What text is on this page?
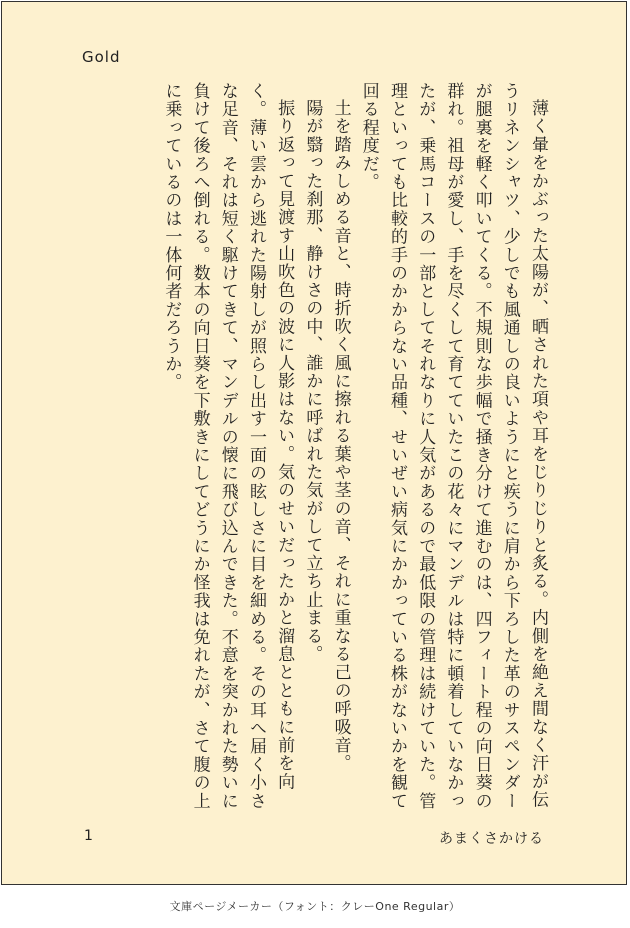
Gold

薄く暈をかぶった太陽が、晒された項や耳をじりじりと炙る。内側を絶え間なく汗が伝うリネンシャツ、少しでも風通しの良いようにと疾うに肩から下ろした革のサスペンダーが腿裏を軽く叩いてくる。不規則な歩幅で掻き分けて進むのは、四フィート程の向日葵の群れ。祖母が愛し、手を尽くして育てていたこの花々にマンデルは特に頓着していなかったが、乗馬コースの一部としてそれなりに人気があるので最低限の管理は続けていた。管理といっても比較的手のかからない品種、せいぜい病気にかかっている株がないかを観て回る程度だ。

土を踏みしめる音と、時折吹く風に擦れる葉や茎の音、それに重なる己の呼吸音。

陽が翳った刹那、静けさの中、誰かに呼ばれた気がして立ち止まる。

振り返って見渡す山吹色の波に人影はない。気のせいだったかと溜息とともに前を向く。薄い雲から逃れた陽射しが照らし出す一面の眩しさに目を細める。その耳へ届く小さな足音、それは短く駆けてきて、マンデルの懐に飛び込んできた。不意を突かれた勢いに負けて後ろへ倒れる。数本の向日葵を下敷きにしてどうにか怪我は免れたが、さて腹の上に乗っているのは一体何者だろうか。

1	あまくさかける
文庫ページメーカー（フォント：クレーOne Regular）
